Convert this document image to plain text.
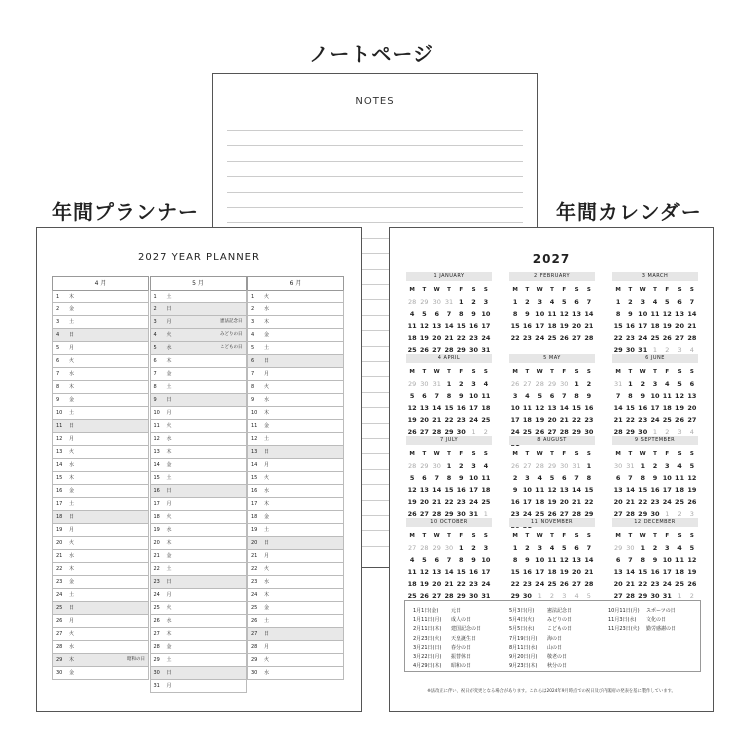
ノートページ
年間プランナー	年間カレンダー
NOTES
2027 YEAR PLANNER
4 月
1	木
2	金
3	土
4	日
5	月
6	火
7	水
8	木
9	金
10	土
11	日
12	月
13	火
14	水
15	木
16	金
17	土
18	日
19	月
20	火
21	水
22	木
23	金
24	土
25	日
26	月
27	火
28	水
29	木	昭和の日
30	金
5 月
1	土
2	日
3	月	憲法記念日
4	火	みどりの日
5	水	こどもの日
6	木
7	金
8	土
9	日
10	月
11	火
12	水
13	木
14	金
15	土
16	日
17	月
18	火
19	水
20	木
21	金
22	土
23	日
24	月
25	火
26	水
27	木
28	金
29	土
30	日
31	月
6 月
1	火
2	水
3	木
4	金
5	土
6	日
7	月
8	火
9	水
10	木
11	金
12	土
13	日
14	月
15	火
16	水
17	木
18	金
19	土
20	日
21	月
22	火
23	水
24	木
25	金
26	土
27	日
28	月
29	火
30	水
2027
1 JANUARY
M	T	W	T	F	S	S
28 29 30 31 1	2	3
4	5	6	7	8	9 10
11 12 13 14 15 16 17
18 19 20 21 22 23 24
25 26 27 28 29 30 31
2 FEBRUARY
M	T	W	T	F	S	S
1	2	3	4	5	6	7
8	9 10 11 12 13 14
15 16 17 18 19 20 21
22 23 24 25 26 27 28
3 MARCH
M	T	W	T	F	S	S
1	2	3	4	5	6	7
8	9 10 11 12 13 14
15 16 17 18 19 20 21
22 23 24 25 26 27 28
29 30 31 1	2	3	4
4 APRIL
M	T	W	T	F	S	S
29 30 31 1	2	3	4
5	6	7	8	9 10 11
12 13 14 15 16 17 18
19 20 21 22 23 24 25
26 27 28 29 30 1	2
5 MAY
M	T	W	T	F	S	S
26 27 28 29 30 1	2
3	4	5	6	7	8	9
10 11 12 13 14 15 16
17 18 19 20 21 22 23
24 25 26 27 28 29 30
6 JUNE
M	T	W	T	F	S	S
31 1	2	3	4	5	6
7	8	9 10 11 12 13
14 15 16 17 18 19 20
21 22 23 24 25 26 27
28 29 30 1	2	3	4
7 JULY
M	T	W	T	F	S	S
28 29 30 1	2	3	4
5	6	7	8	9 10 11
12 13 14 15 16 17 18
19 20 21 22 23 24 25
26 27 28 29 30 31 1
8 AUGUST
M	T	W	T	F	S	S
26 27 28 29 30 31 1
2	3	4	5	6	7	8
9 10 11 12 13 14 15
16 17 18 19 20 21 22
23 24 25 26 27 28 29
9 SEPTEMBER
M	T	W	T	F	S	S
30 31 1	2	3	4	5
6	7	8	9 10 11 12
13 14 15 16 17 18 19
20 21 22 23 24 25 26
27 28 29 30 1	2	3
10 OCTOBER
M	T	W	T	F	S	S
27 28 29 30 1	2	3
4	5	6	7	8	9 10
11 12 13 14 15 16 17
18 19 20 21 22 23 24
25 26 27 28 29 30 31
11 NOVEMBER
M	T	W	T	F	S	S
1	2	3	4	5	6	7
8	9 10 11 12 13 14
15 16 17 18 19 20 21
22 23 24 25 26 27 28
29 30 1	2	3	4	5
12 DECEMBER
M	T	W	T	F	S	S
29 30 1	2	3	4	5
6	7	8	9 10 11 12
13 14 15 16 17 18 19
20 21 22 23 24 25 26
27 28 29 30 31 1	2
1月1日(金)	元日
1月11日(月) 成人の日
2月11日(木) 建国記念の日
2月23日(火) 天皇誕生日
3月21日(日) 春分の日
3月22日(月) 振替休日
4月29日(木) 昭和の日
5月3日(月)	憲法記念日
5月4日(火)	みどりの日
5月5日(水)	こどもの日
7月19日(月) 海の日
8月11日(水) 山の日
9月20日(月) 敬老の日
9月23日(木) 秋分の日
10月11日(月) スポーツの日
11月3日(水) 文化の日
11月23日(火) 勤労感謝の日
※法改正に伴い、祝日が変更となる場合があります。これらは2024年9月時点での祝日及び内閣府の発表を基に製作しています。
